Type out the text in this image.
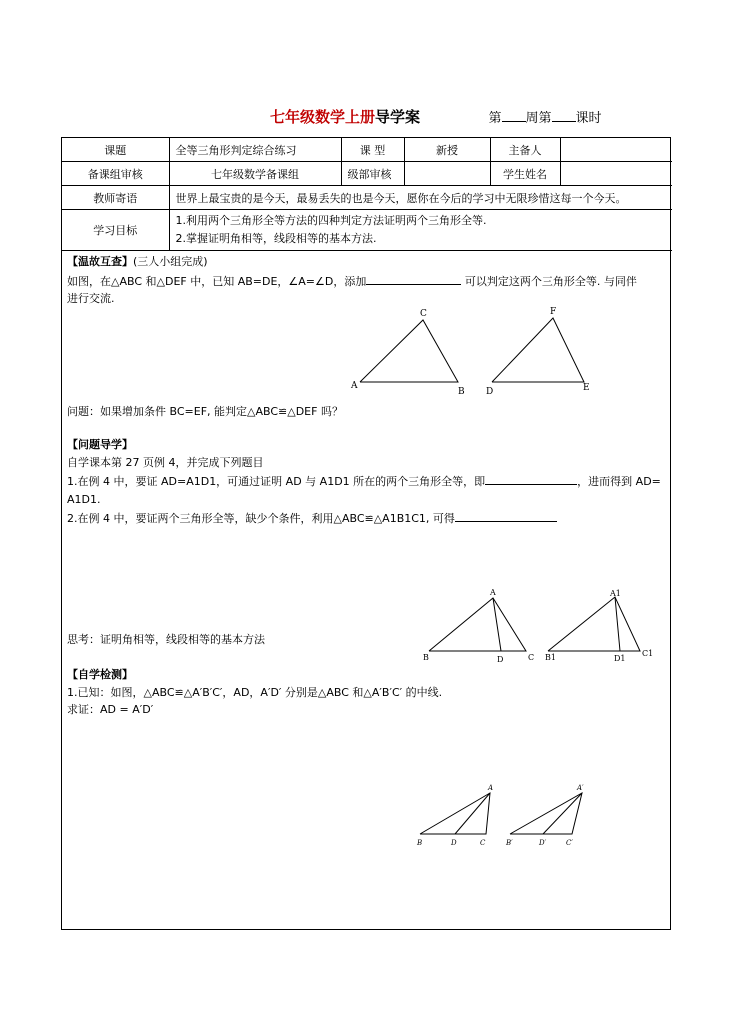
七年级数学上册导学案	第 周第 课时
课题	全等三角形判定综合练习	课 型	新授	主备人	
备课组审核	七年级数学备课组	级部审核		学生姓名	
教师寄语	世界上最宝贵的是今天，最易丢失的也是今天，愿你在今后的学习中无限珍惜这每一个今天。				
学习目标	1.利用两个三角形全等方法的四种判定方法证明两个三角形全等.
2.掌握证明角相等，线段相等的基本方法.				

【温故互查】(三人小组完成)

如图，在△ABC 和△DEF 中，已知 AB=DE，∠A=∠D，添加	可以判定这两个三角形全等. 与同伴

进行交流.

问题：如果增加条件 BC=EF, 能判定△ABC≌△DEF 吗？

【问题导学】

自学课本第 27 页例 4，并完成下列题目

1.在例 4 中，要证 AD=A1D1，可通过证明 AD 与 A1D1 所在的两个三角形全等，即	，进而得到 AD=

A1D1.

2.在例 4 中，要证两个三角形全等，缺少个条件，利用△ABC≌△A1B1C1, 可得

思考：证明角相等，线段相等的基本方法

【自学检测】

1.已知：如图，△ABC≌△A′B′C′，AD，A′D′ 分别是△ABC 和△A′B′C′ 的中线.

求证：AD = A′D′

A
C
B D
F
E
A
B	D	C
A1
B1	D1
C1
A
B	D	C
A′
B′	D′	C′
